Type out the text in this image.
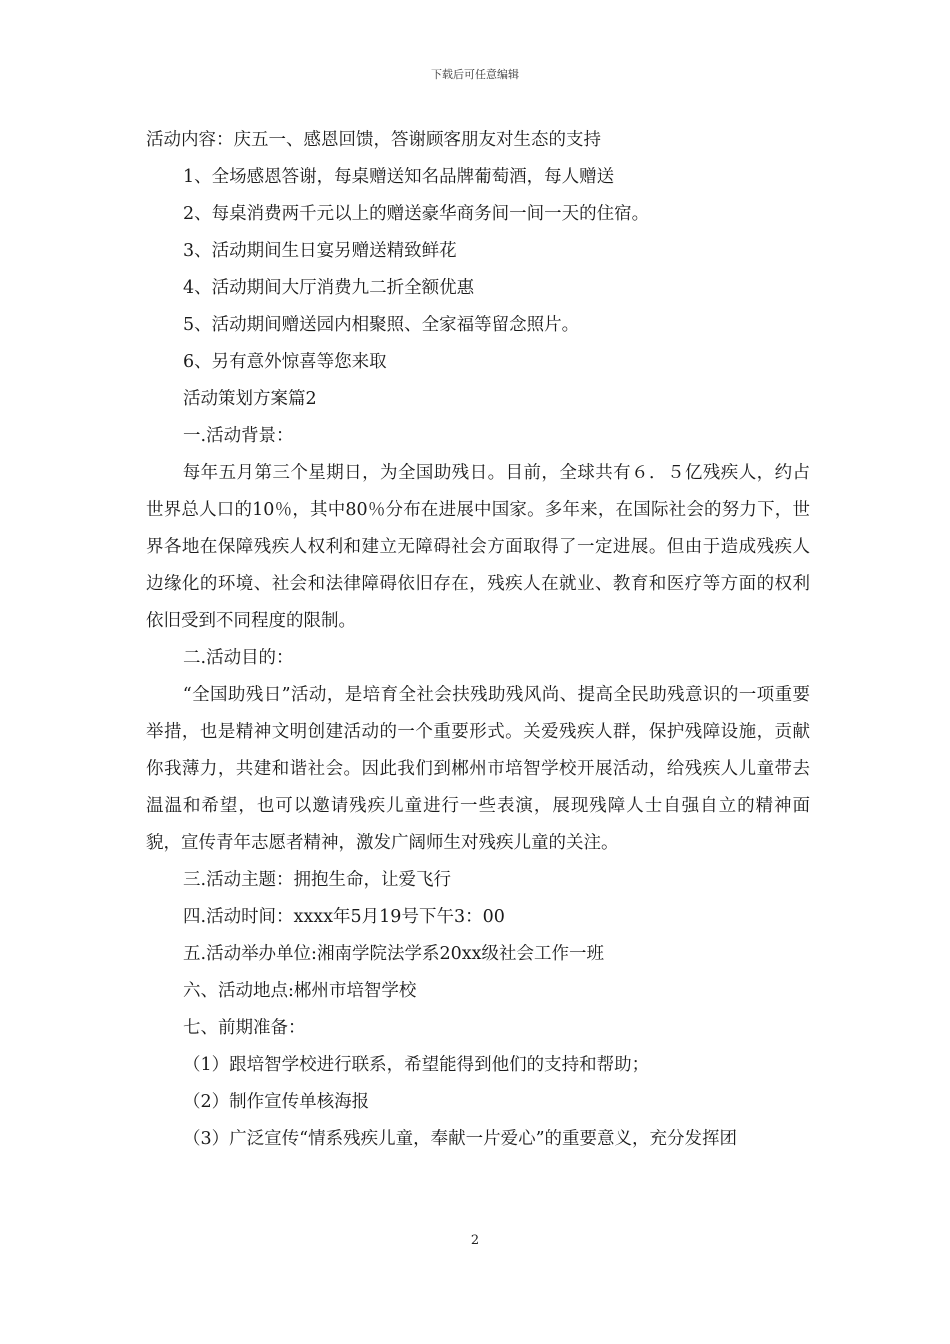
下载后可任意编辑
活动内容：庆五一、感恩回馈，答谢顾客朋友对生态的支持
1、全场感恩答谢，每桌赠送知名品牌葡萄酒，每人赠送
2、每桌消费两千元以上的赠送豪华商务间一间一天的住宿。
3、活动期间生日宴另赠送精致鲜花
4、活动期间大厅消费九二折全额优惠
5、活动期间赠送园内相聚照、全家福等留念照片。
6、另有意外惊喜等您来取
活动策划方案篇2
一.活动背景：

每年五月第三个星期日，为全国助残日。目前，全球共有６．５亿残疾人，约占世界总人口的10％，其中80％分布在进展中国家。多年来，在国际社会的努力下，世界各地在保障残疾人权利和建立无障碍社会方面取得了一定进展。但由于造成残疾人边缘化的环境、社会和法律障碍依旧存在，残疾人在就业、教育和医疗等方面的权利依旧受到不同程度的限制。

二.活动目的：

“全国助残日”活动，是培育全社会扶残助残风尚、提高全民助残意识的一项重要举措，也是精神文明创建活动的一个重要形式。关爱残疾人群，保护残障设施，贡献你我薄力，共建和谐社会。因此我们到郴州市培智学校开展活动，给残疾人儿童带去温温和希望，也可以邀请残疾儿童进行一些表演，展现残障人士自强自立的精神面貌，宣传青年志愿者精神，激发广阔师生对残疾儿童的关注。

三.活动主题：拥抱生命，让爱飞行
四.活动时间：xxxx年5月19号下午3：00
五.活动举办单位:湘南学院法学系20xx级社会工作一班
六、活动地点:郴州市培智学校
七、前期准备：
（1）跟培智学校进行联系，希望能得到他们的支持和帮助；
（2）制作宣传单核海报
（3）广泛宣传“情系残疾儿童，奉献一片爱心”的重要意义，充分发挥团
2
